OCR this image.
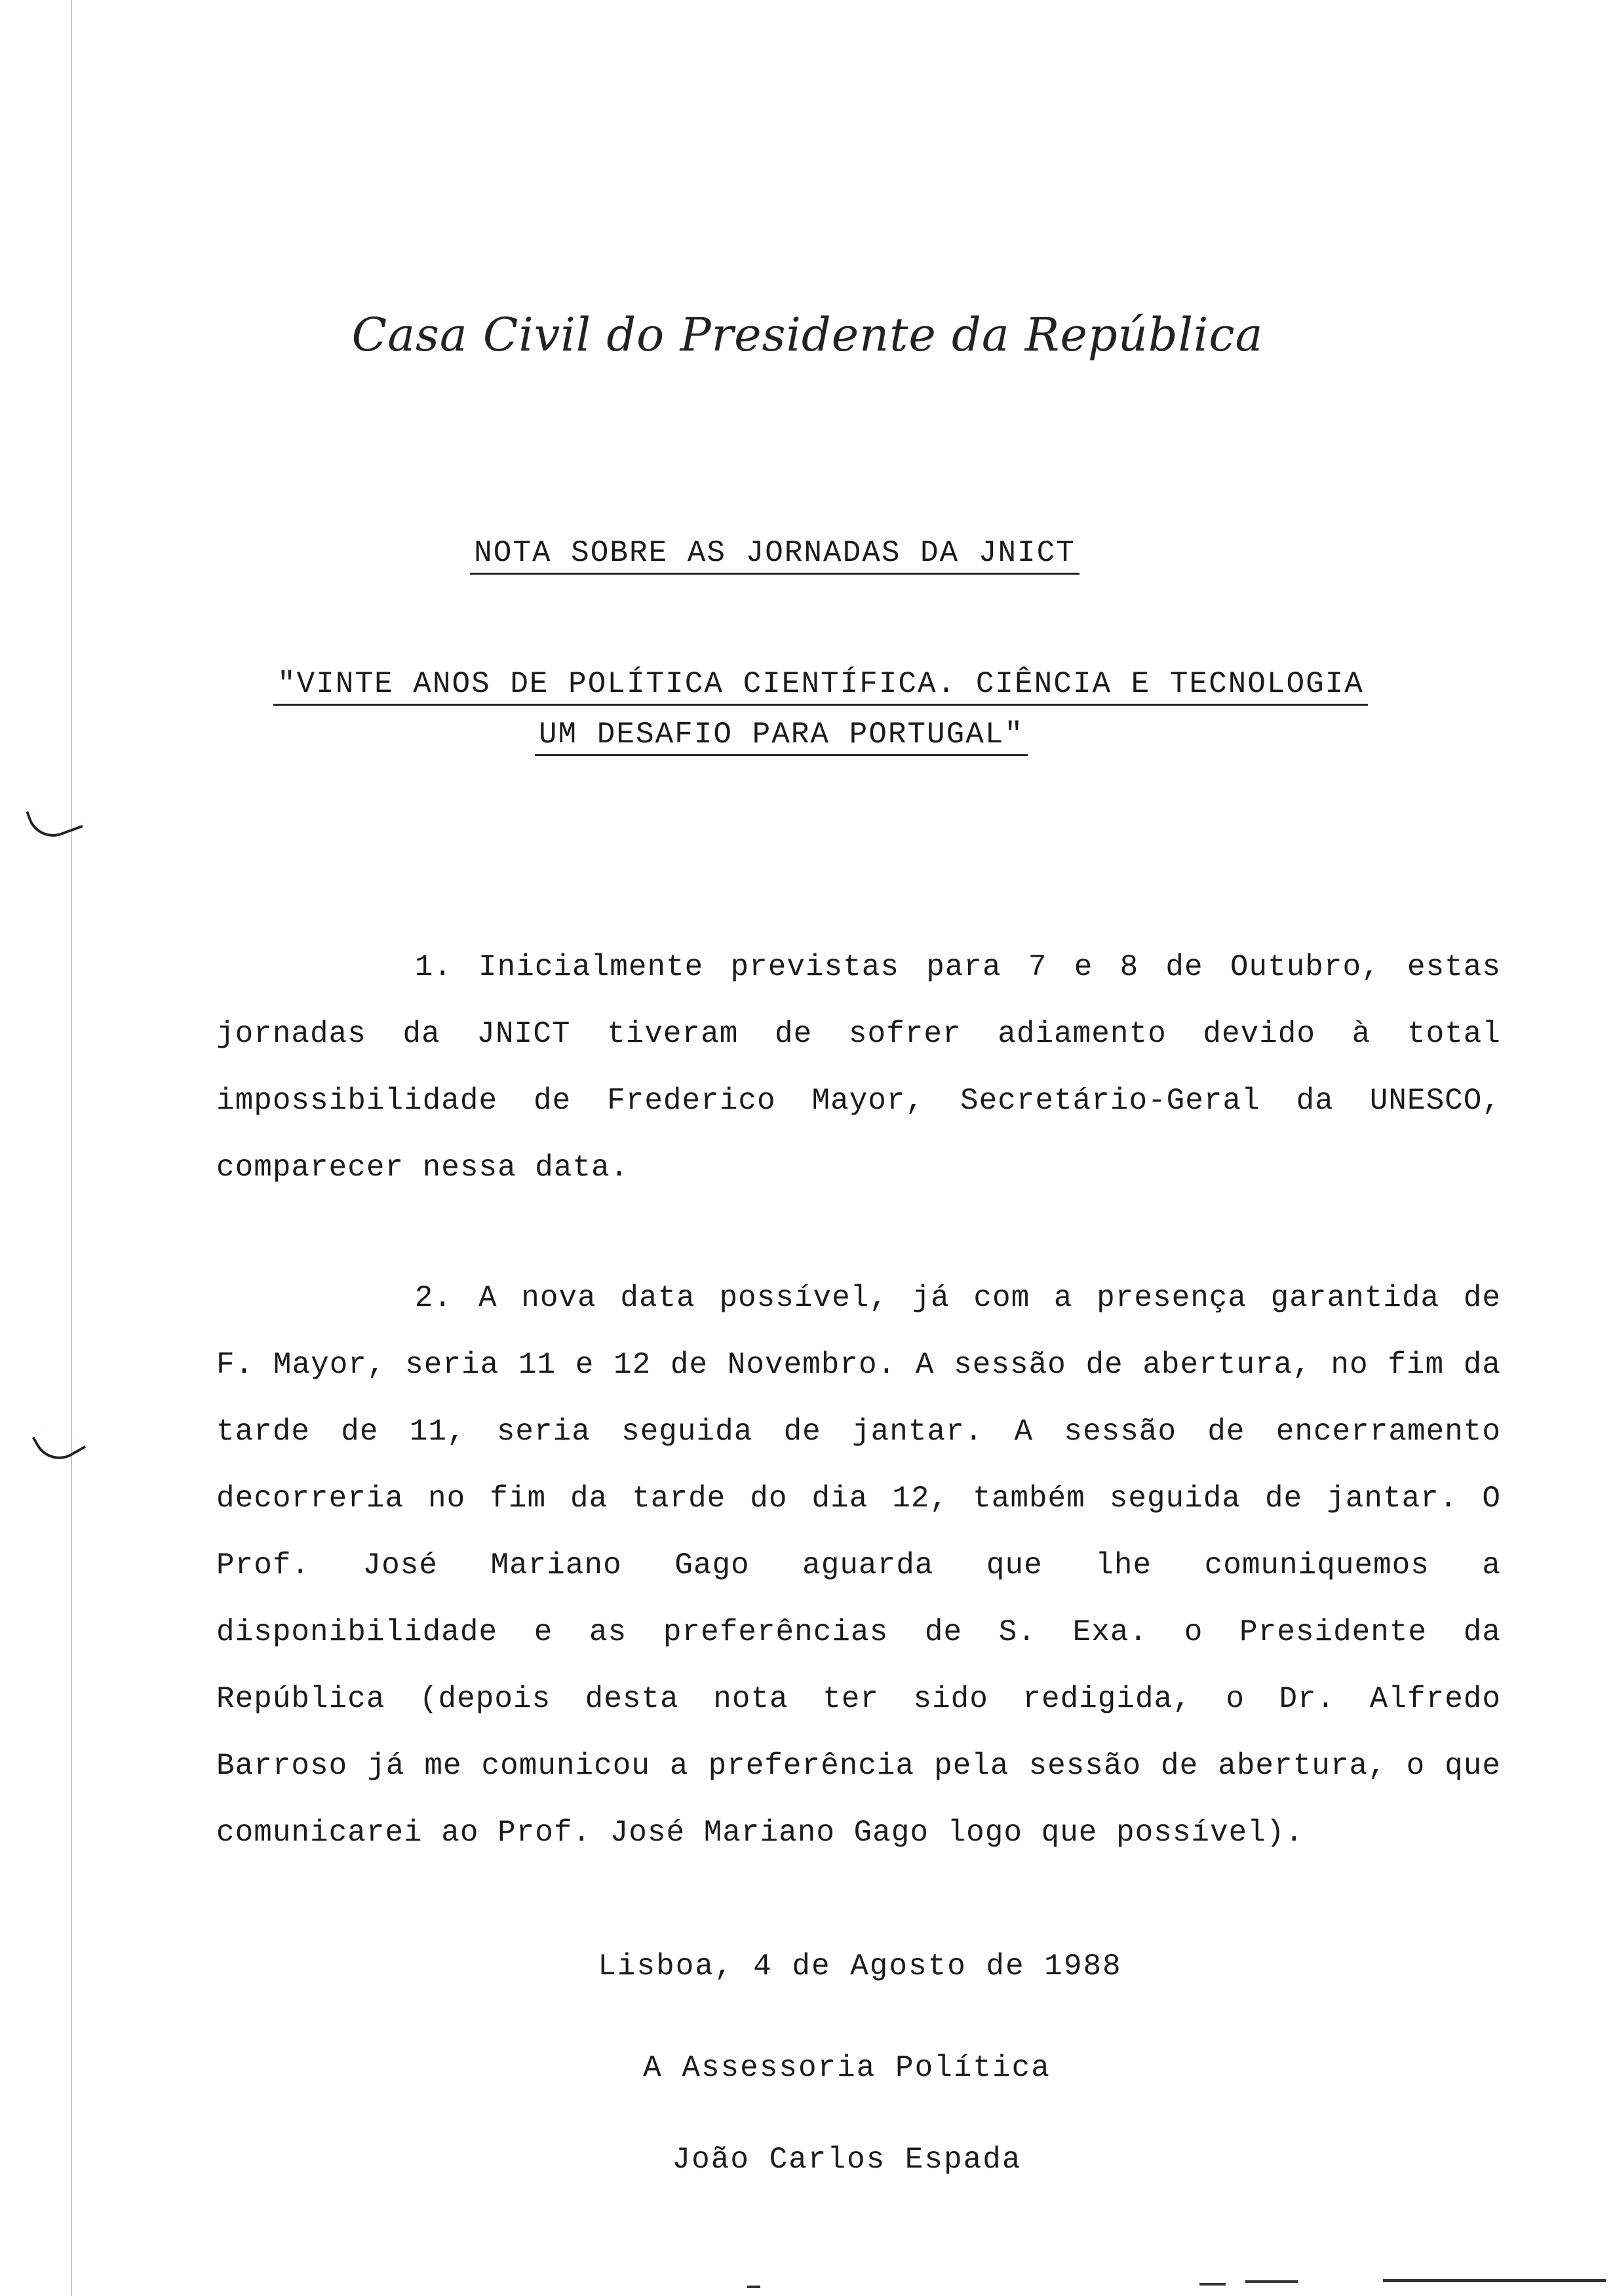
Casa Civil do Presidente da República
NOTA SOBRE AS JORNADAS DA JNICT
"VINTE ANOS DE POLÍTICA CIENTÍFICA. CIÊNCIA E TECNOLOGIA
UM DESAFIO PARA PORTUGAL"
1. Inicialmente previstas para 7 e 8 de Outubro, estas jornadas da JNICT tiveram de sofrer adiamento devido à total impossibilidade de Frederico Mayor, Secretário-Geral da UNESCO, comparecer nessa data.
2. A nova data possível, já com a presença garantida de F. Mayor, seria 11 e 12 de Novembro. A sessão de abertura, no fim da tarde de 11, seria seguida de jantar. A sessão de encerramento decorreria no fim da tarde do dia 12, também seguida de jantar. O Prof. José Mariano Gago aguarda que lhe comuniquemos a disponibilidade e as preferências de S. Exa. o Presidente da República (depois desta nota ter sido redigida, o Dr. Alfredo Barroso já me comunicou a preferência pela sessão de abertura, o que comunicarei ao Prof. José Mariano Gago logo que possível).
Lisboa, 4 de Agosto de 1988
A Assessoria Política
João Carlos Espada
